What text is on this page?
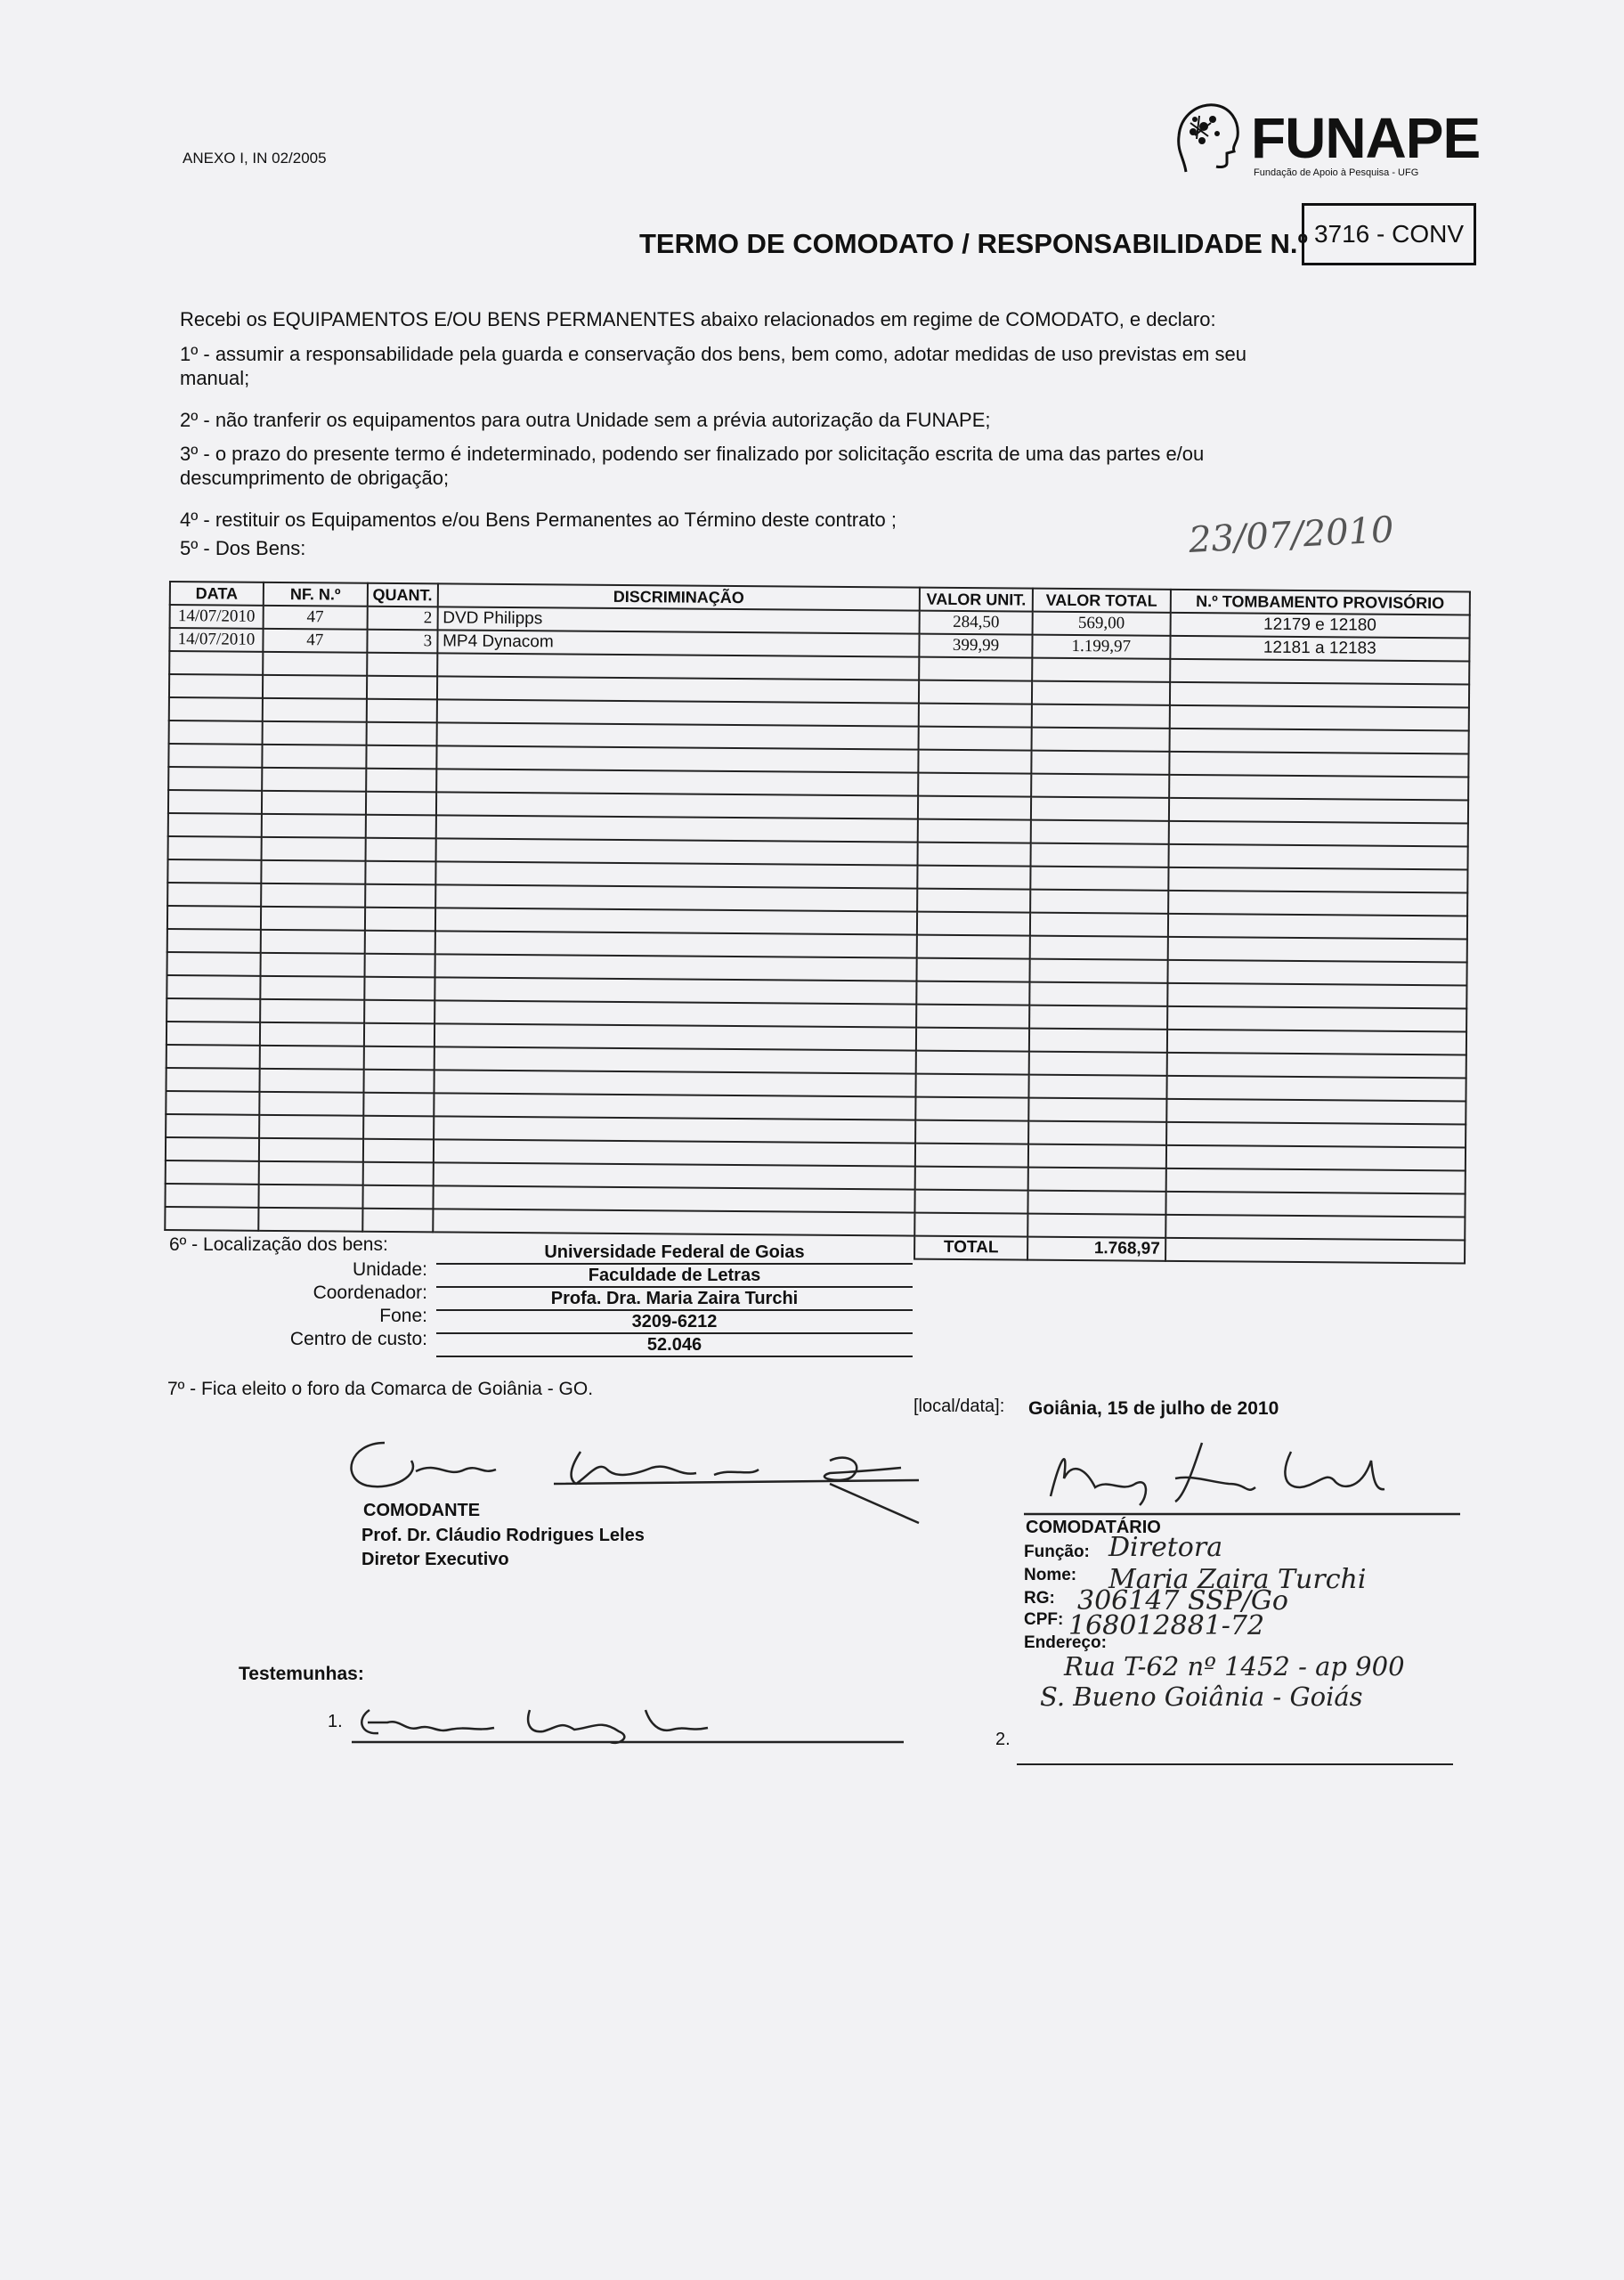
ANEXO I, IN 02/2005	FUNAPE
Fundação de Apoio à Pesquisa - UFG
TERMO DE COMODATO / RESPONSABILIDADE N.º 3716 - CONV
Recebi os EQUIPAMENTOS E/OU BENS PERMANENTES abaixo relacionados em regime de COMODATO, e declaro:
1º - assumir a responsabilidade pela guarda e conservação dos bens, bem como, adotar medidas de uso previstas em seu manual;
2º - não tranferir os equipamentos para outra Unidade sem a prévia autorização da FUNAPE;
3º - o prazo do presente termo é indeterminado, podendo ser finalizado por solicitação escrita de uma das partes e/ou descumprimento de obrigação;
4º - restituir os Equipamentos e/ou Bens Permanentes ao Término deste contrato ;
5º - Dos Bens:	23/07/2010
DATA	NF. N.º	QUANT.	DISCRIMINAÇÃO	VALOR UNIT.	VALOR TOTAL	N.º TOMBAMENTO PROVISÓRIO
14/07/2010	47	2	DVD Philipps	284,50	569,00	12179 e 12180
14/07/2010	47	3	MP4 Dynacom	399,99	1.199,97	12181 a 12183

				TOTAL	1.768,97	
6º - Localização dos bens:	Universidade Federal de Goias
Unidade:	Faculdade de Letras
Coordenador:	Profa. Dra. Maria Zaira Turchi
Fone:	3209-6212
Centro de custo:	52.046
7º - Fica eleito o foro da Comarca de Goiânia - GO.
[local/data]: Goiânia, 15 de julho de 2010
COMODANTE
Prof. Dr. Cláudio Rodrigues Leles
Diretor Executivo
COMODATÁRIO
Função: Diretora
Nome: Maria Zaira Turchi
RG: 306147 SSP/Go
CPF: 168012881-72
Endereço:
Rua T-62 nº 1452 - ap 900
S. Bueno Goiânia - Goiás
Testemunhas:
1.
2.
